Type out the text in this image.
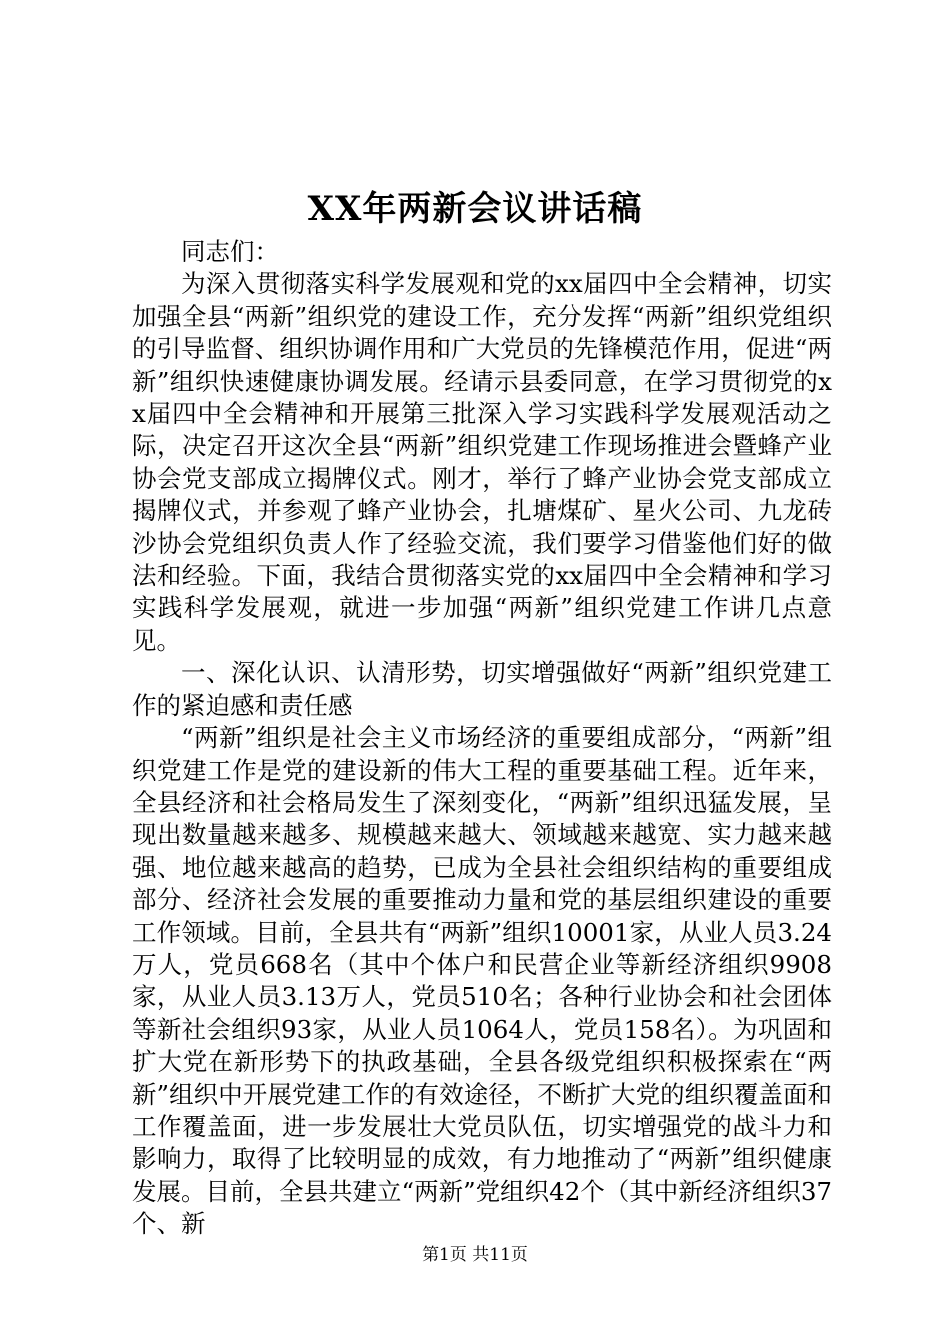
XX年两新会议讲话稿

同志们：

为深入贯彻落实科学发展观和党的xx届四中全会精神，切实加强全县“两新”组织党的建设工作，充分发挥“两新”组织党组织的引导监督、组织协调作用和广大党员的先锋模范作用，促进“两新”组织快速健康协调发展。经请示县委同意，在学习贯彻党的xx届四中全会精神和开展第三批深入学习实践科学发展观活动之际，决定召开这次全县“两新”组织党建工作现场推进会暨蜂产业协会党支部成立揭牌仪式。刚才，举行了蜂产业协会党支部成立揭牌仪式，并参观了蜂产业协会，扎塘煤矿、星火公司、九龙砖沙协会党组织负责人作了经验交流，我们要学习借鉴他们好的做法和经验。下面，我结合贯彻落实党的xx届四中全会精神和学习实践科学发展观，就进一步加强“两新”组织党建工作讲几点意见。

一、深化认识、认清形势，切实增强做好“两新”组织党建工作的紧迫感和责任感

“两新”组织是社会主义市场经济的重要组成部分，“两新”组织党建工作是党的建设新的伟大工程的重要基础工程。近年来，全县经济和社会格局发生了深刻变化，“两新”组织迅猛发展，呈现出数量越来越多、规模越来越大、领域越来越宽、实力越来越强、地位越来越高的趋势，已成为全县社会组织结构的重要组成部分、经济社会发展的重要推动力量和党的基层组织建设的重要工作领域。目前，全县共有“两新”组织10001家，从业人员3.24万人，党员668名（其中个体户和民营企业等新经济组织9908家，从业人员3.13万人，党员510名；各种行业协会和社会团体等新社会组织93家，从业人员1064人，党员158名）。为巩固和扩大党在新形势下的执政基础，全县各级党组织积极探索在“两新”组织中开展党建工作的有效途径，不断扩大党的组织覆盖面和工作覆盖面，进一步发展壮大党员队伍，切实增强党的战斗力和影响力，取得了比较明显的成效，有力地推动了“两新”组织健康发展。目前，全县共建立“两新”党组织42个（其中新经济组织37个、新

第1页 共11页
